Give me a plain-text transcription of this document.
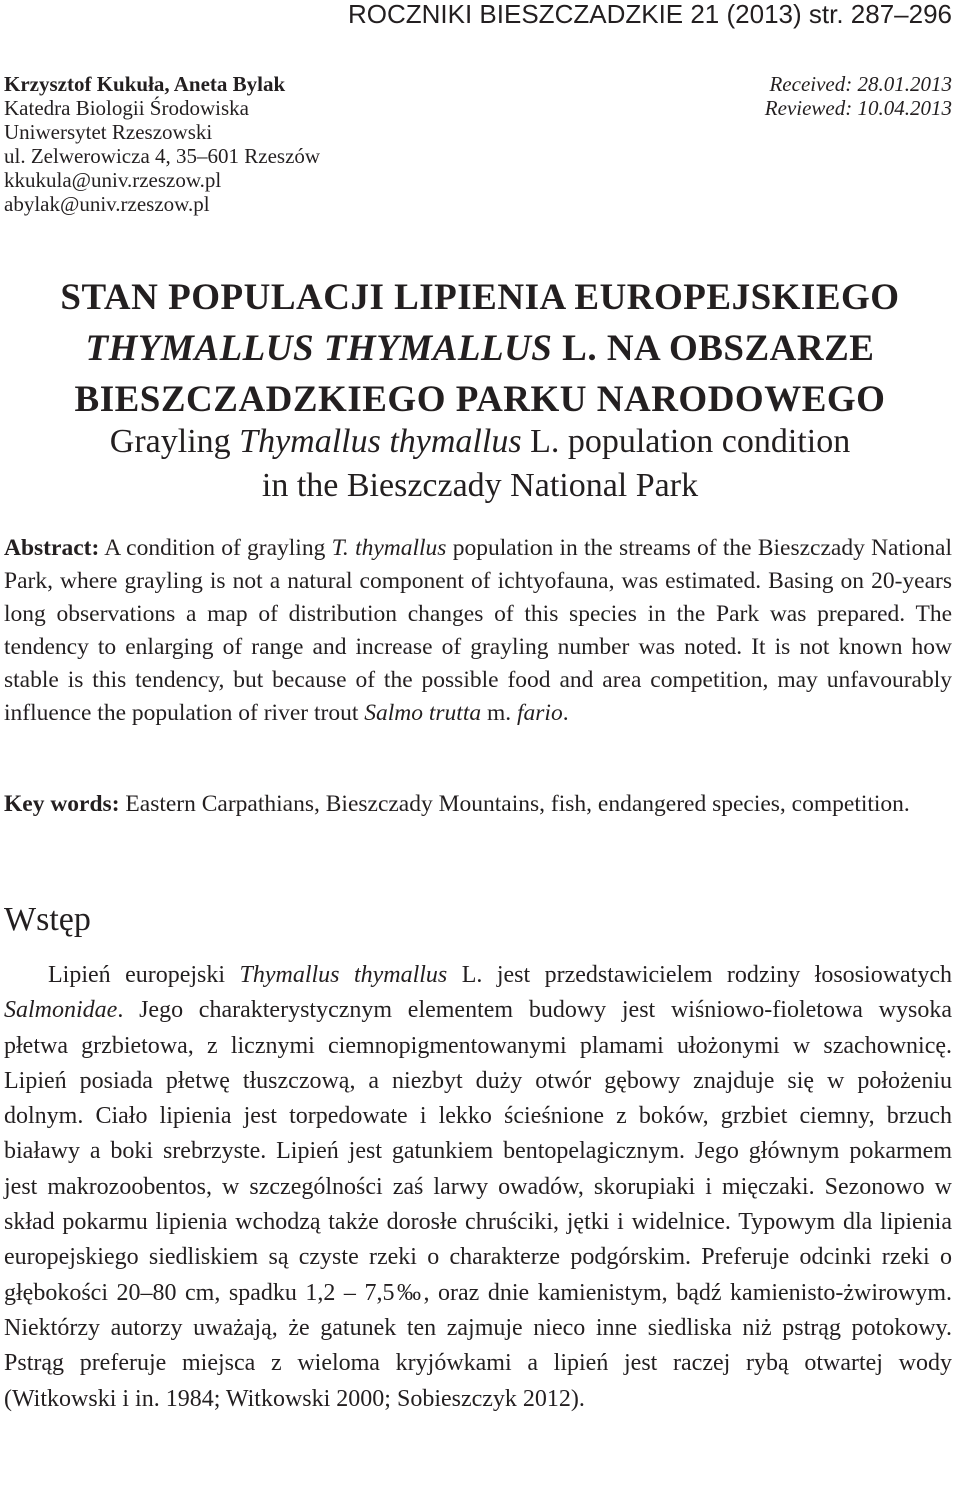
ROCZNIKI BIESZCZADZKIE 21 (2013) str. 287–296
Krzysztof Kukuła, Aneta Bylak
Katedra Biologii Środowiska
Uniwersytet Rzeszowski
ul. Zelwerowicza 4, 35–601 Rzeszów
kkukula@univ.rzeszow.pl
abylak@univ.rzeszow.pl
Received: 28.01.2013
Reviewed: 10.04.2013
STAN POPULACJI LIPIENIA EUROPEJSKIEGO
THYMALLUS THYMALLUS L. NA OBSZARZE
BIESZCZADZKIEGO PARKU NARODOWEGO
Grayling Thymallus thymallus L. population condition
in the Bieszczady National Park
Abstract: A condition of grayling T. thymallus population in the streams of the Bieszczady National Park, where grayling is not a natural component of ichtyofauna, was estimated. Basing on 20-years long observations a map of distribution changes of this species in the Park was prepared. The tendency to enlarging of range and increase of grayling number was noted. It is not known how stable is this tendency, but because of the possible food and area competition, may unfavourably influence the population of river trout Salmo trutta m. fario.
Key words: Eastern Carpathians, Bieszczady Mountains, fish, endangered species, competition.
Wstęp
Lipień europejski Thymallus thymallus L. jest przedstawicielem rodziny łososiowatych Salmonidae. Jego charakterystycznym elementem budowy jest wiśniowo-fioletowa wysoka płetwa grzbietowa, z licznymi ciemnopigmentowanymi plamami ułożonymi w szachownicę. Lipień posiada płetwę tłuszczową, a niezbyt duży otwór gębowy znajduje się w położeniu dolnym. Ciało lipienia jest torpedowate i lekko ścieśnione z boków, grzbiet ciemny, brzuch białawy a boki srebrzyste. Lipień jest gatunkiem bentopelagicznym. Jego głównym pokarmem jest makrozoobentos, w szczególności zaś larwy owadów, skorupiaki i mięczaki. Sezonowo w skład pokarmu lipienia wchodzą także dorosłe chruściki, jętki i widelnice. Typowym dla lipienia europejskiego siedliskiem są czyste rzeki o charakterze podgórskim. Preferuje odcinki rzeki o głębokości 20–80 cm, spadku 1,2 – 7,5‰, oraz dnie kamienistym, bądź kamienisto-żwirowym. Niektórzy autorzy uważają, że gatunek ten zajmuje nieco inne siedliska niż pstrąg potokowy. Pstrąg preferuje miejsca z wieloma kryjówkami a lipień jest raczej rybą otwartej wody (Witkowski i in. 1984; Witkowski 2000; Sobieszczyk 2012).
